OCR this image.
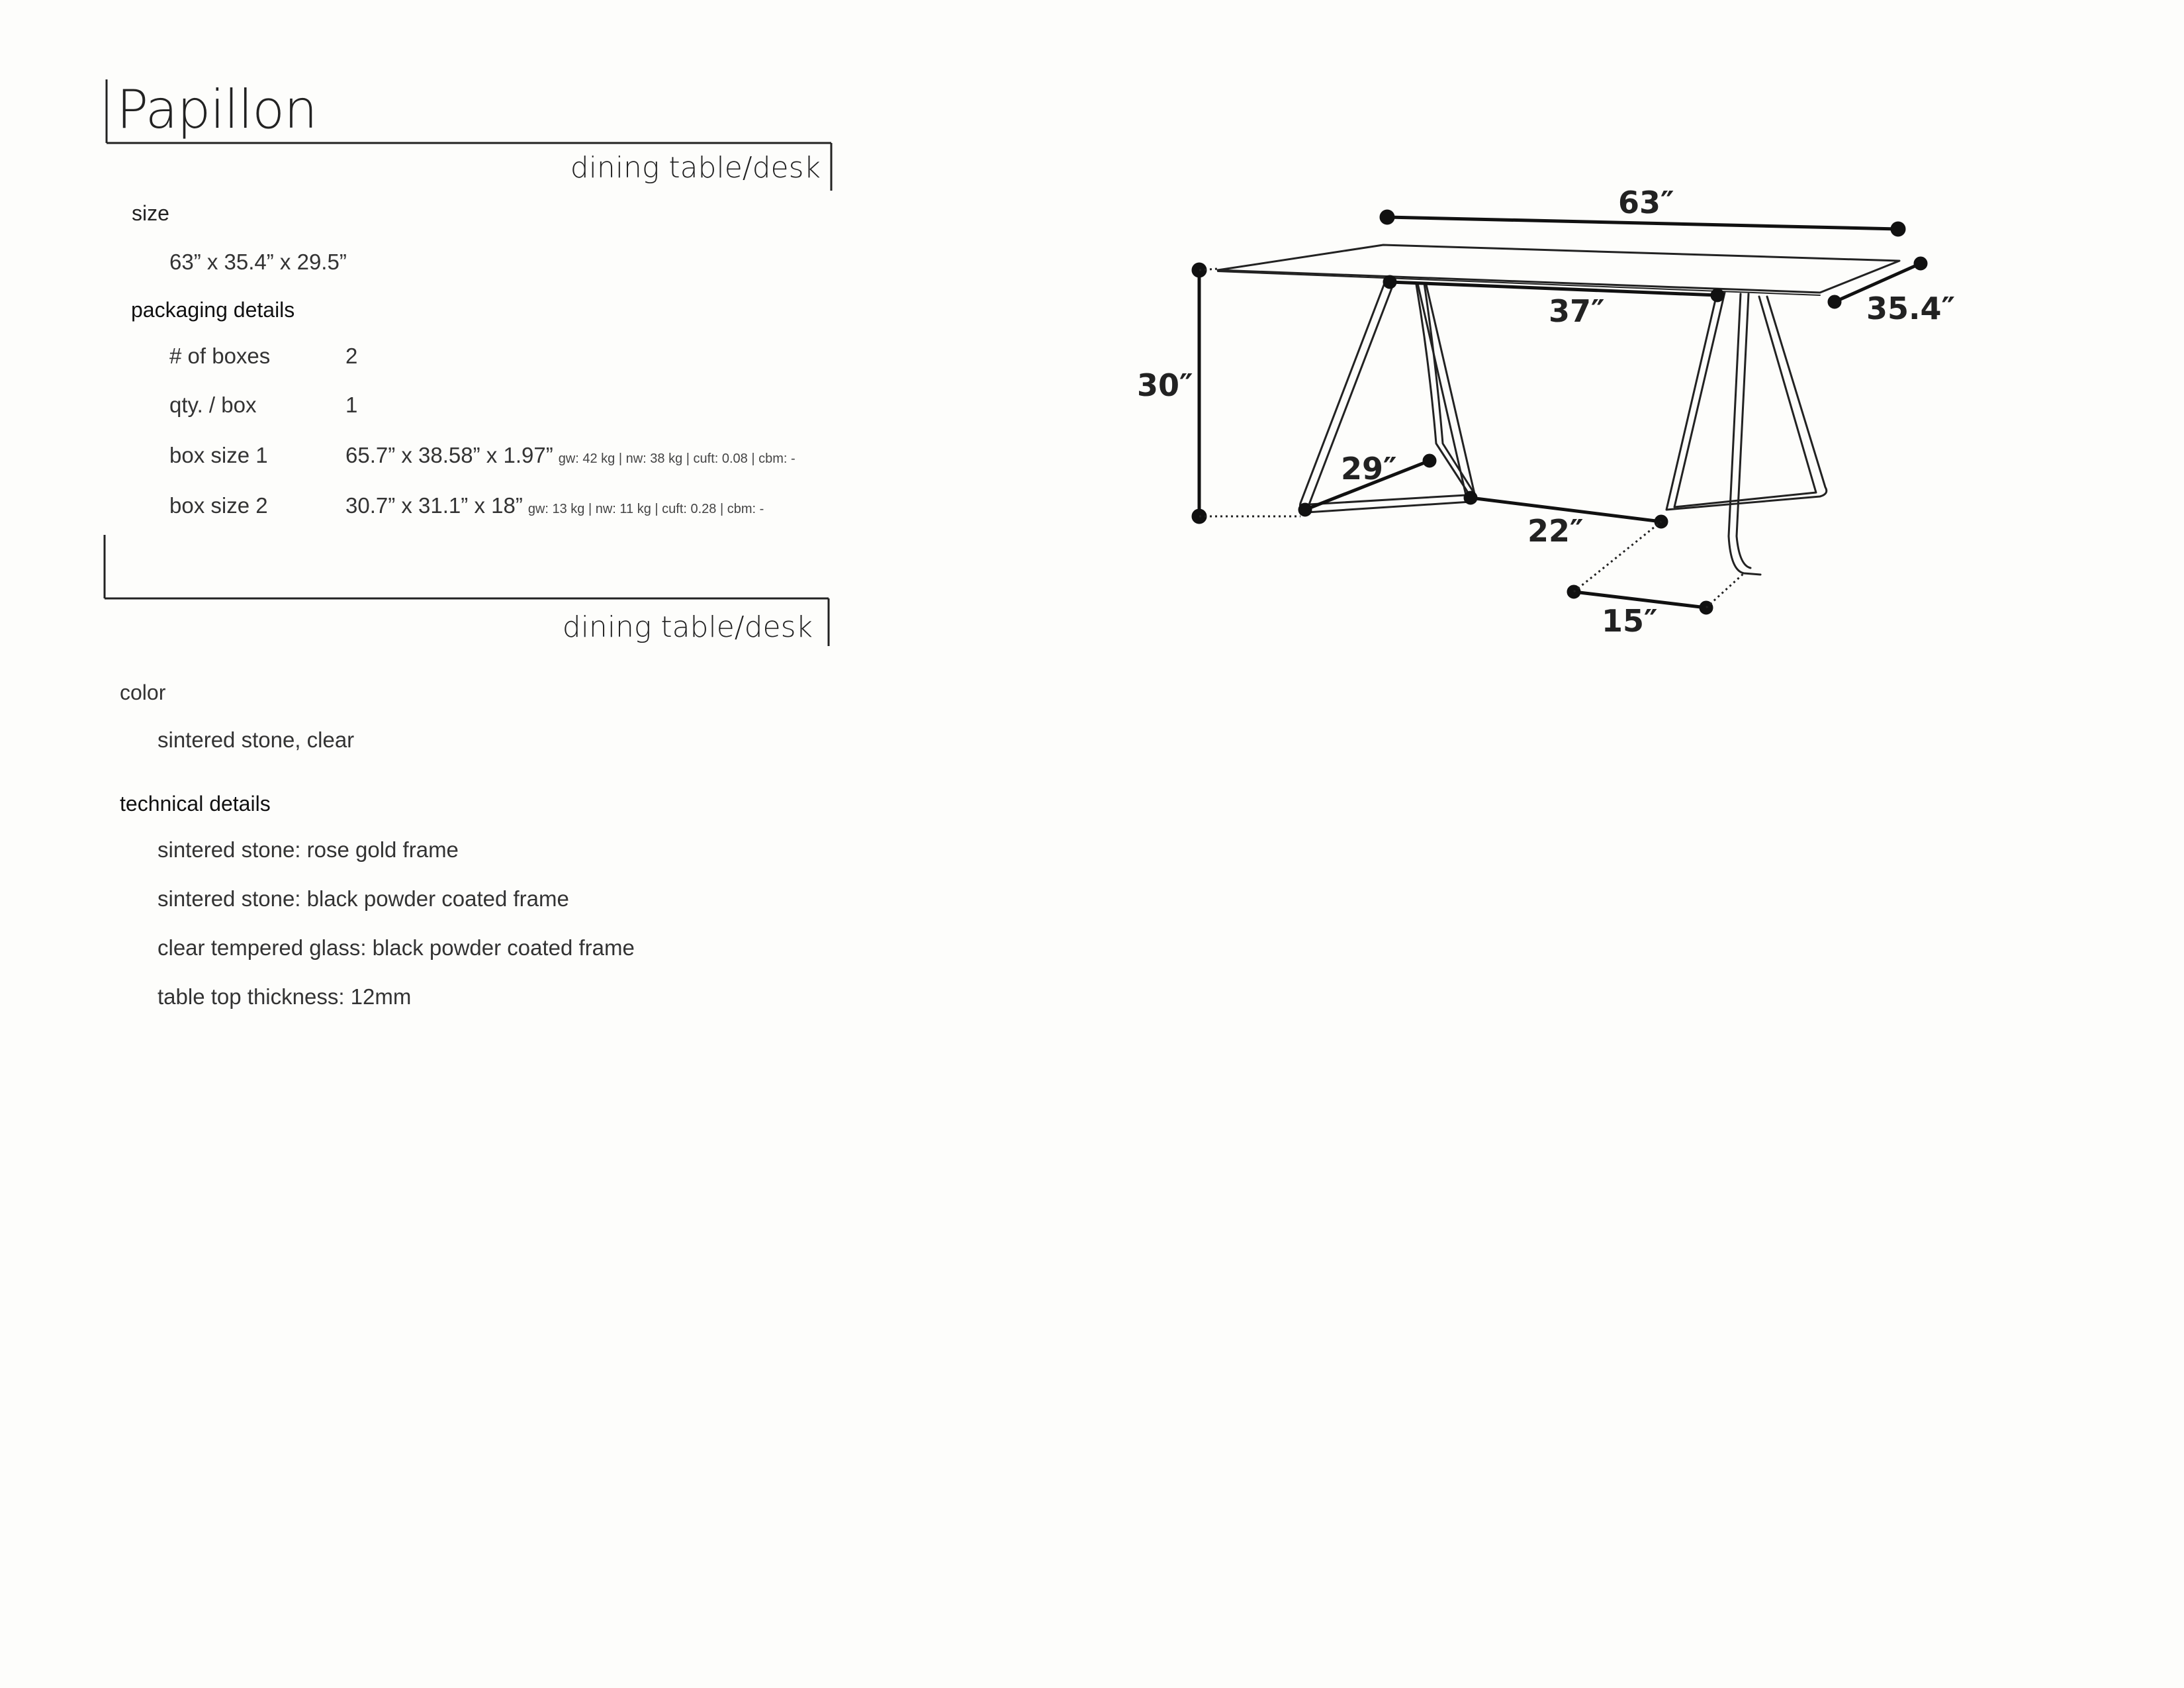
Papillon
dining table/desk
size
63” x 35.4” x 29.5”
packaging details
# of boxes	2
qty. / box	1
box size 1	65.7” x 38.58” x 1.97” gw: 42 kg | nw: 38 kg | cuft: 0.08 | cbm: -
box size 2	30.7” x 31.1” x 18” gw: 13 kg | nw: 11 kg | cuft: 0.28 | cbm: -
dining table/desk
color
sintered stone, clear
technical details
sintered stone: rose gold frame
sintered stone: black powder coated frame
clear tempered glass: black powder coated frame
table top thickness: 12mm
63″
37″	35.4″
30″
29″
22″
15″
